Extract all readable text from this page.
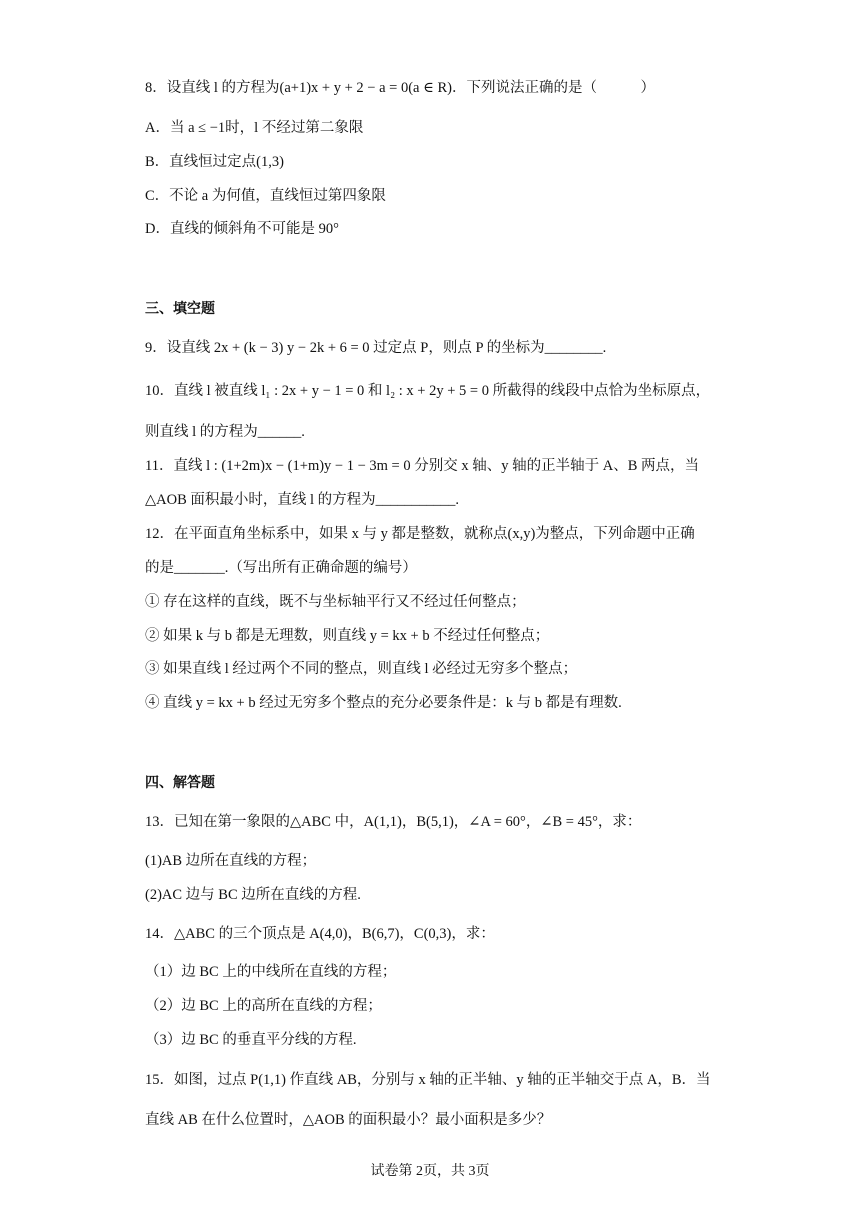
8．设直线 l 的方程为(a+1)x + y + 2 − a = 0(a ∈ R)．下列说法正确的是（　　　）
A．当 a ≤ −1时，l 不经过第二象限
B．直线恒过定点(1,3)
C．不论 a 为何值，直线恒过第四象限
D．直线的倾斜角不可能是 90°
三、填空题
9．设直线 2x + (k − 3) y − 2k + 6 = 0 过定点 P，则点 P 的坐标为________.
10．直线 l 被直线 l₁ : 2x + y − 1 = 0 和 l₂ : x + 2y + 5 = 0 所截得的线段中点恰为坐标原点，
则直线 l 的方程为______.
11．直线 l : (1+2m)x − (1+m)y − 1 − 3m = 0 分别交 x 轴、y 轴的正半轴于 A、B 两点，当
△AOB 面积最小时，直线 l 的方程为___________.
12．在平面直角坐标系中，如果 x 与 y 都是整数，就称点(x,y)为整点，下列命题中正确
的是_______.（写出所有正确命题的编号）
① 存在这样的直线，既不与坐标轴平行又不经过任何整点；
② 如果 k 与 b 都是无理数，则直线 y = kx + b 不经过任何整点；
③ 如果直线 l 经过两个不同的整点，则直线 l 必经过无穷多个整点；
④ 直线 y = kx + b 经过无穷多个整点的充分必要条件是：k 与 b 都是有理数.
四、解答题
13．已知在第一象限的△ABC 中，A(1,1)，B(5,1)，∠A = 60°，∠B = 45°，求：
(1)AB 边所在直线的方程；
(2)AC 边与 BC 边所在直线的方程.
14．△ABC 的三个顶点是 A(4,0)，B(6,7)，C(0,3)，求：
（1）边 BC 上的中线所在直线的方程；
（2）边 BC 上的高所在直线的方程；
（3）边 BC 的垂直平分线的方程.
15．如图，过点 P(1,1) 作直线 AB，分别与 x 轴的正半轴、y 轴的正半轴交于点 A，B．当
直线 AB 在什么位置时，△AOB 的面积最小？最小面积是多少？
试卷第 2页，共 3页
